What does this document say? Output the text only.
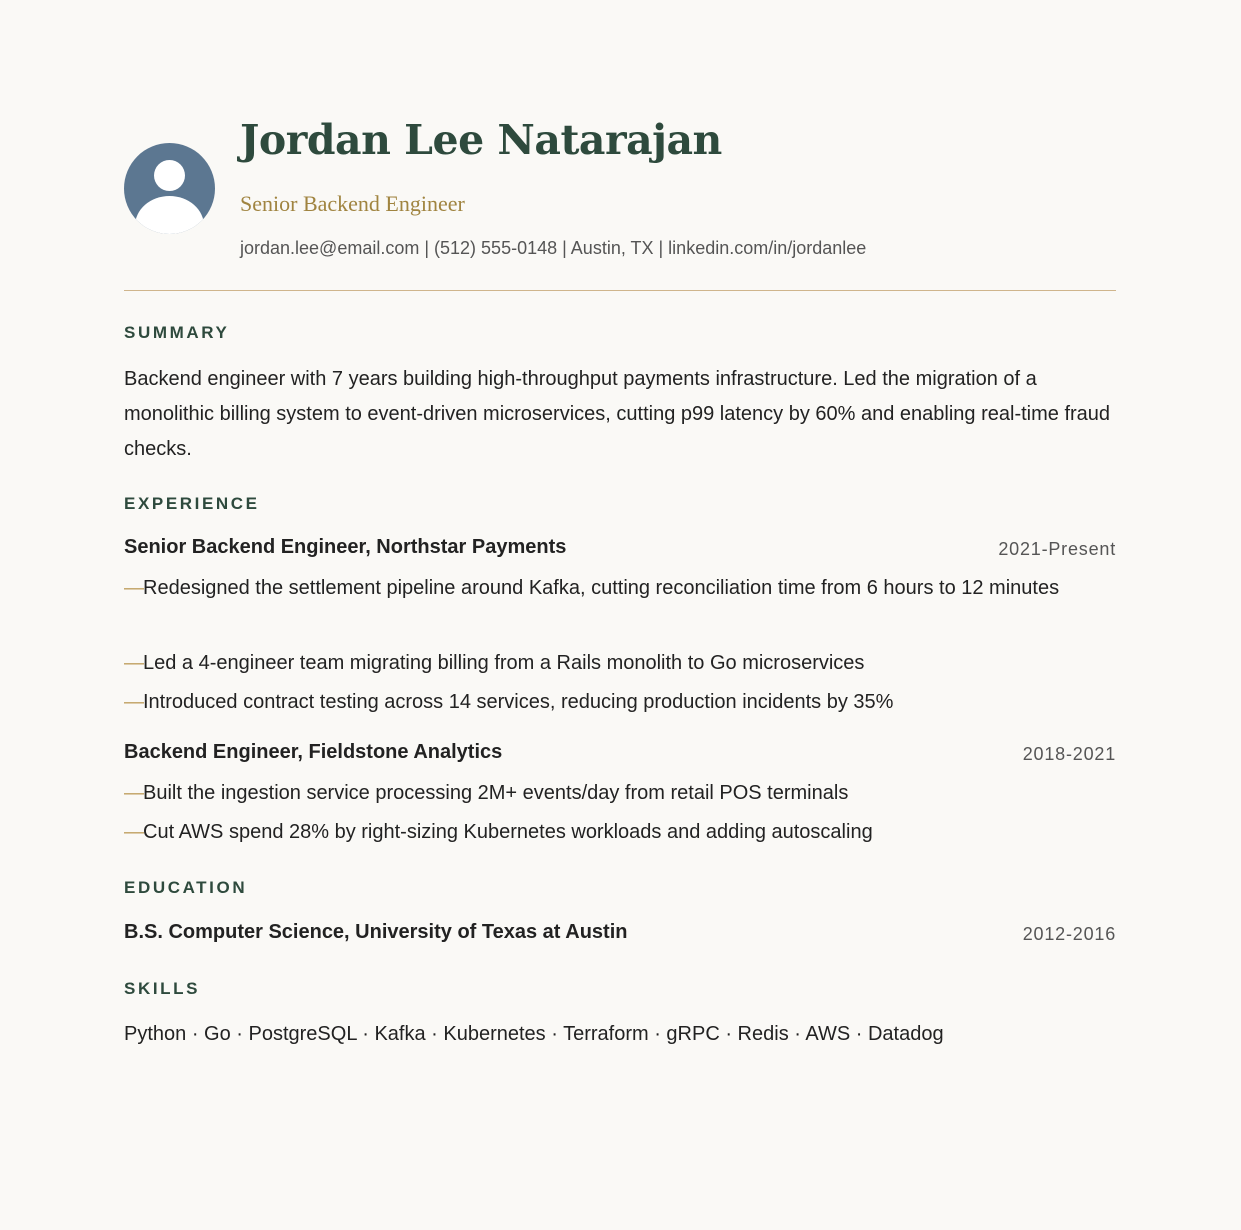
Jordan Lee Natarajan
Senior Backend Engineer
jordan.lee@email.com | (512) 555-0148 | Austin, TX | linkedin.com/in/jordanlee
SUMMARY
Backend engineer with 7 years building high-throughput payments infrastructure. Led the migration of a monolithic billing system to event-driven microservices, cutting p99 latency by 60% and enabling real-time fraud checks.
EXPERIENCE
Senior Backend Engineer, Northstar Payments	2021-Present
— Redesigned the settlement pipeline around Kafka, cutting reconciliation time from 6 hours to 12 minutes
— Led a 4-engineer team migrating billing from a Rails monolith to Go microservices
— Introduced contract testing across 14 services, reducing production incidents by 35%
Backend Engineer, Fieldstone Analytics	2018-2021
— Built the ingestion service processing 2M+ events/day from retail POS terminals
— Cut AWS spend 28% by right-sizing Kubernetes workloads and adding autoscaling
EDUCATION
B.S. Computer Science, University of Texas at Austin	2012-2016
SKILLS
Python · Go · PostgreSQL · Kafka · Kubernetes · Terraform · gRPC · Redis · AWS · Datadog
